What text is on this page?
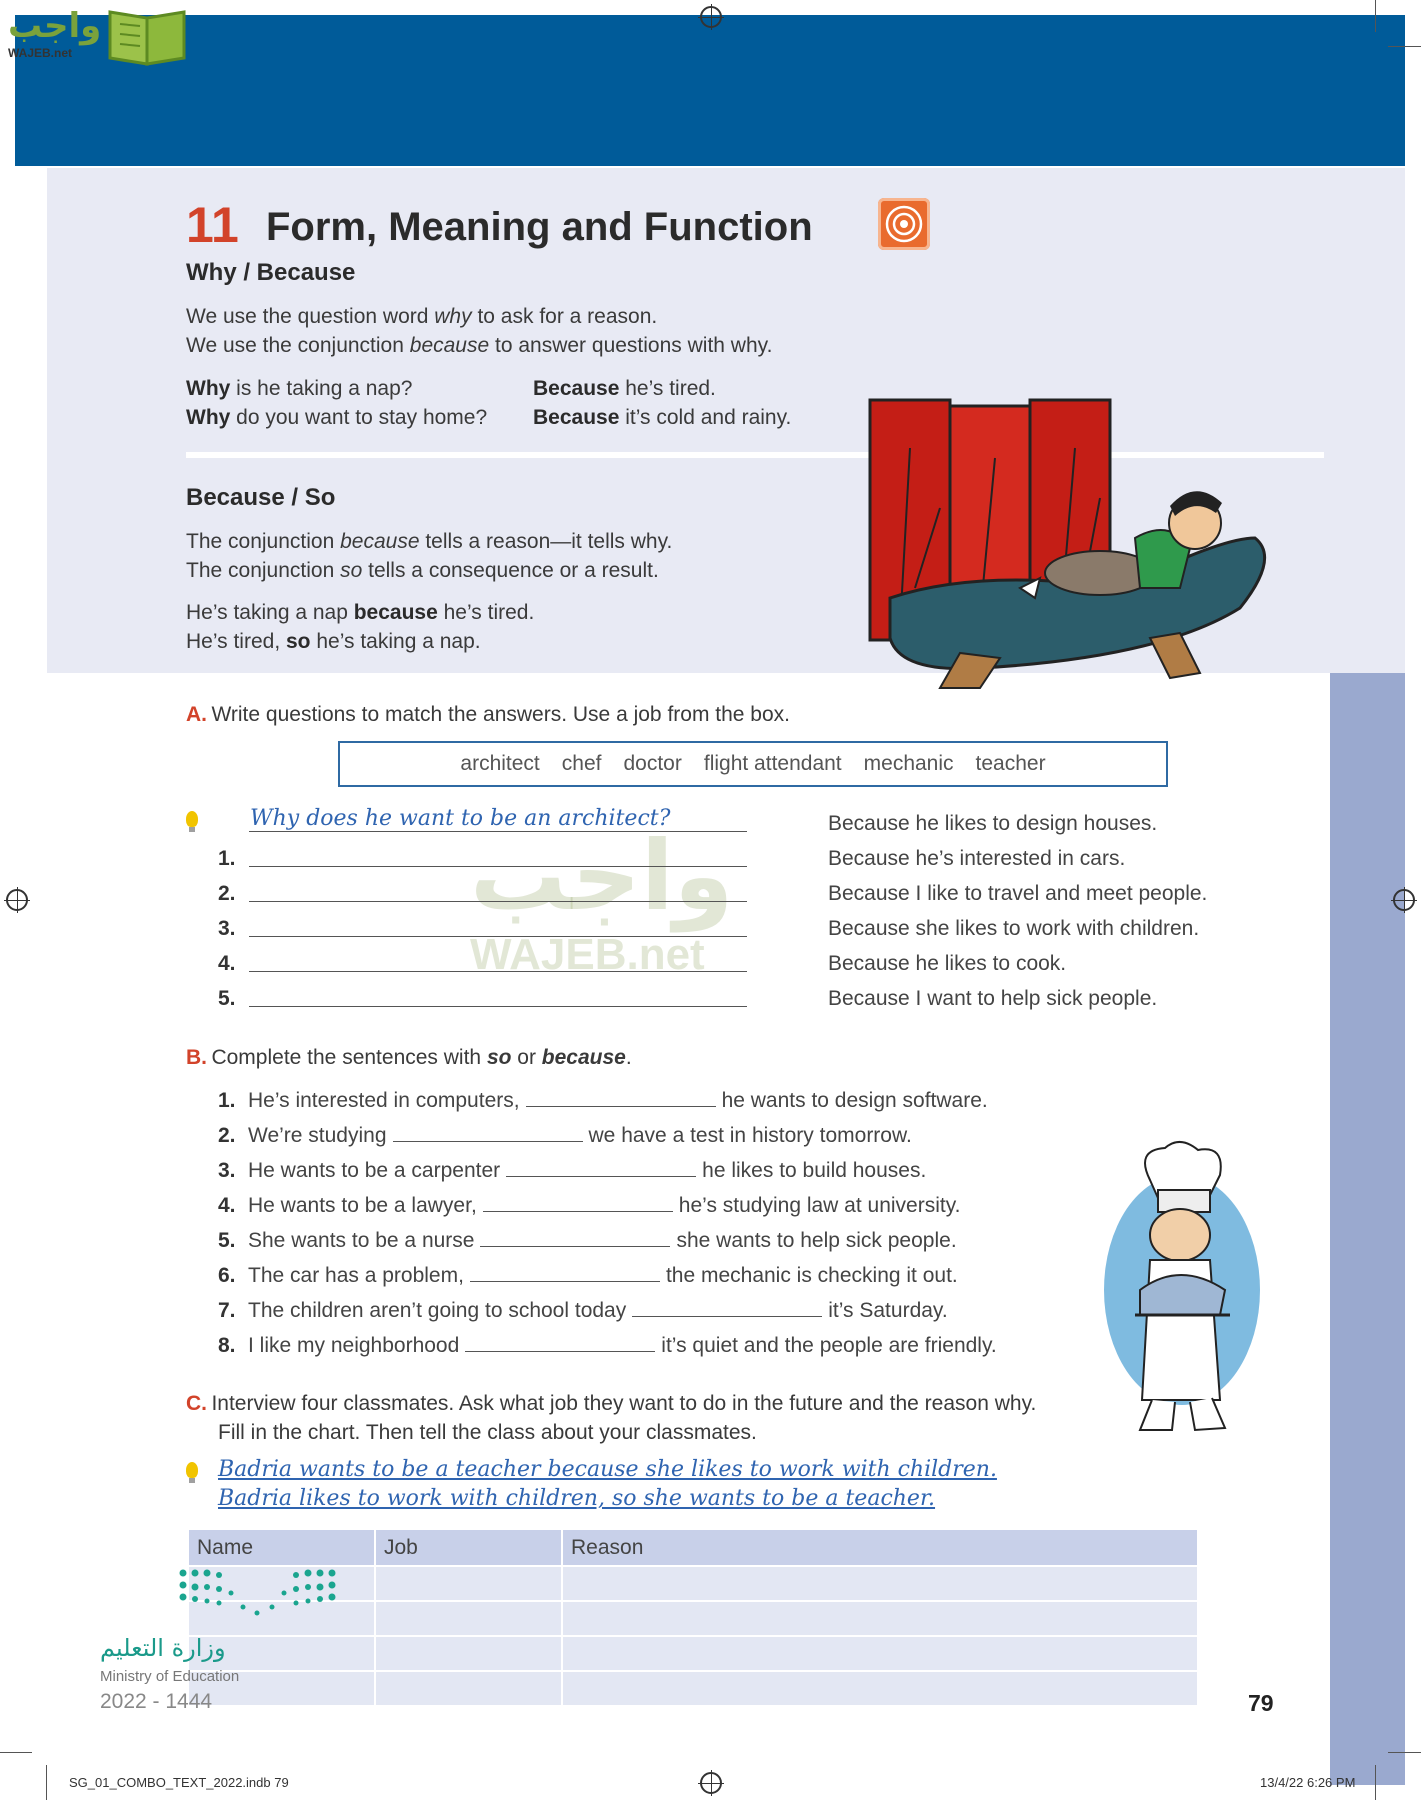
واجب
WAJEB.net
واجب
WAJEB.net
11 Form, Meaning and Function
Why / Because
We use the question word why to ask for a reason.
We use the conjunction because to answer questions with why.
Why is he taking a nap?	Because he’s tired.
Why do you want to stay home? Because it’s cold and rainy.
Because / So
The conjunction because tells a reason—it tells why.
The conjunction so tells a consequence or a result.
He’s taking a nap because he’s tired.
He’s tired, so he’s taking a nap.
A. Write questions to match the answers. Use a job from the box.
architect chef doctor flight attendant mechanic teacher
Why does he want to be an architect?	Because he likes to design houses.
1.	Because he’s interested in cars.
2.	Because I like to travel and meet people.
3.	Because she likes to work with children.
4.	Because he likes to cook.
5.	Because I want to help sick people.
B. Complete the sentences with so or because.
1. He’s interested in computers,	he wants to design software.
2. We’re studying	we have a test in history tomorrow.
3. He wants to be a carpenter	he likes to build houses.
4. He wants to be a lawyer,	he’s studying law at university.
5. She wants to be a nurse	she wants to help sick people.
6. The car has a problem,	the mechanic is checking it out.
7. The children aren’t going to school today	it’s Saturday.
8. I like my neighborhood	it’s quiet and the people are friendly.
C. Interview four classmates. Ask what job they want to do in the future and the reason why.
Fill in the chart. Then tell the class about your classmates.
Badria wants to be a teacher because she likes to work with children.
Badria likes to work with children, so she wants to be a teacher.
Name	Job	Reason

وزارة التعليم
Ministry of Education
2022 - 1444	79
SG_01_COMBO_TEXT_2022.indb 79	13/4/22 6:26 PM
